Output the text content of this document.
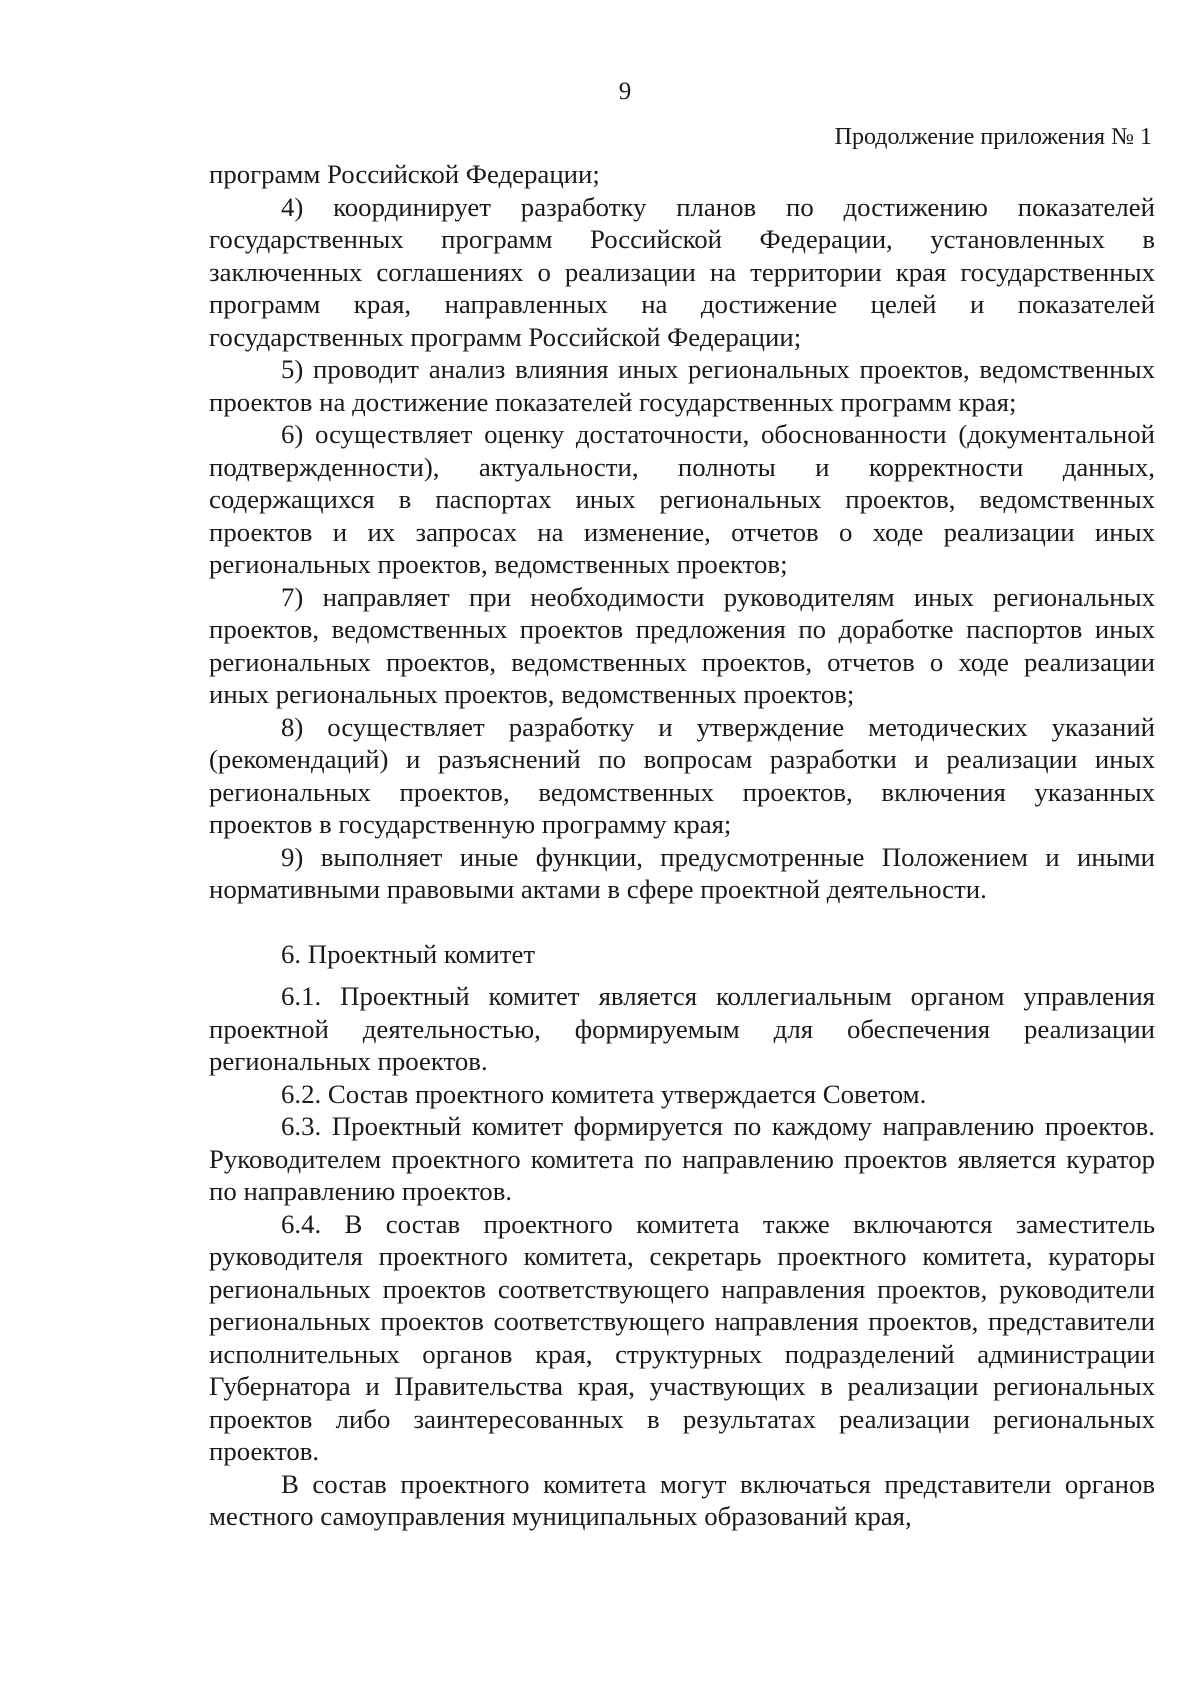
9
Продолжение приложения № 1

программ Российской Федерации;

4) координирует разработку планов по достижению показателей государственных программ Российской Федерации, установленных в заключенных соглашениях о реализации на территории края государственных программ края, направленных на достижение целей и показателей государственных программ Российской Федерации;

5) проводит анализ влияния иных региональных проектов, ведомственных проектов на достижение показателей государственных программ края;

6) осуществляет оценку достаточности, обоснованности (документальной подтвержденности), актуальности, полноты и корректности данных, содержащихся в паспортах иных региональных проектов, ведомственных проектов и их запросах на изменение, отчетов о ходе реализации иных региональных проектов, ведомственных проектов;

7) направляет при необходимости руководителям иных региональных проектов, ведомственных проектов предложения по доработке паспортов иных региональных проектов, ведомственных проектов, отчетов о ходе реализации иных региональных проектов, ведомственных проектов;

8) осуществляет разработку и утверждение методических указаний (рекомендаций) и разъяснений по вопросам разработки и реализации иных региональных проектов, ведомственных проектов, включения указанных проектов в государственную программу края;

9) выполняет иные функции, предусмотренные Положением и иными нормативными правовыми актами в сфере проектной деятельности.

6. Проектный комитет

6.1. Проектный комитет является коллегиальным органом управления проектной деятельностью, формируемым для обеспечения реализации региональных проектов.

6.2. Состав проектного комитета утверждается Советом.

6.3. Проектный комитет формируется по каждому направлению проектов. Руководителем проектного комитета по направлению проектов является куратор по направлению проектов.

6.4. В состав проектного комитета также включаются заместитель руководителя проектного комитета, секретарь проектного комитета, кураторы региональных проектов соответствующего направления проектов, руководители региональных проектов соответствующего направления проектов, представители исполнительных органов края, структурных подразделений администрации Губернатора и Правительства края, участвующих в реализации региональных проектов либо заинтересованных в результатах реализации региональных проектов.

В состав проектного комитета могут включаться представители органов местного самоуправления муниципальных образований края,
